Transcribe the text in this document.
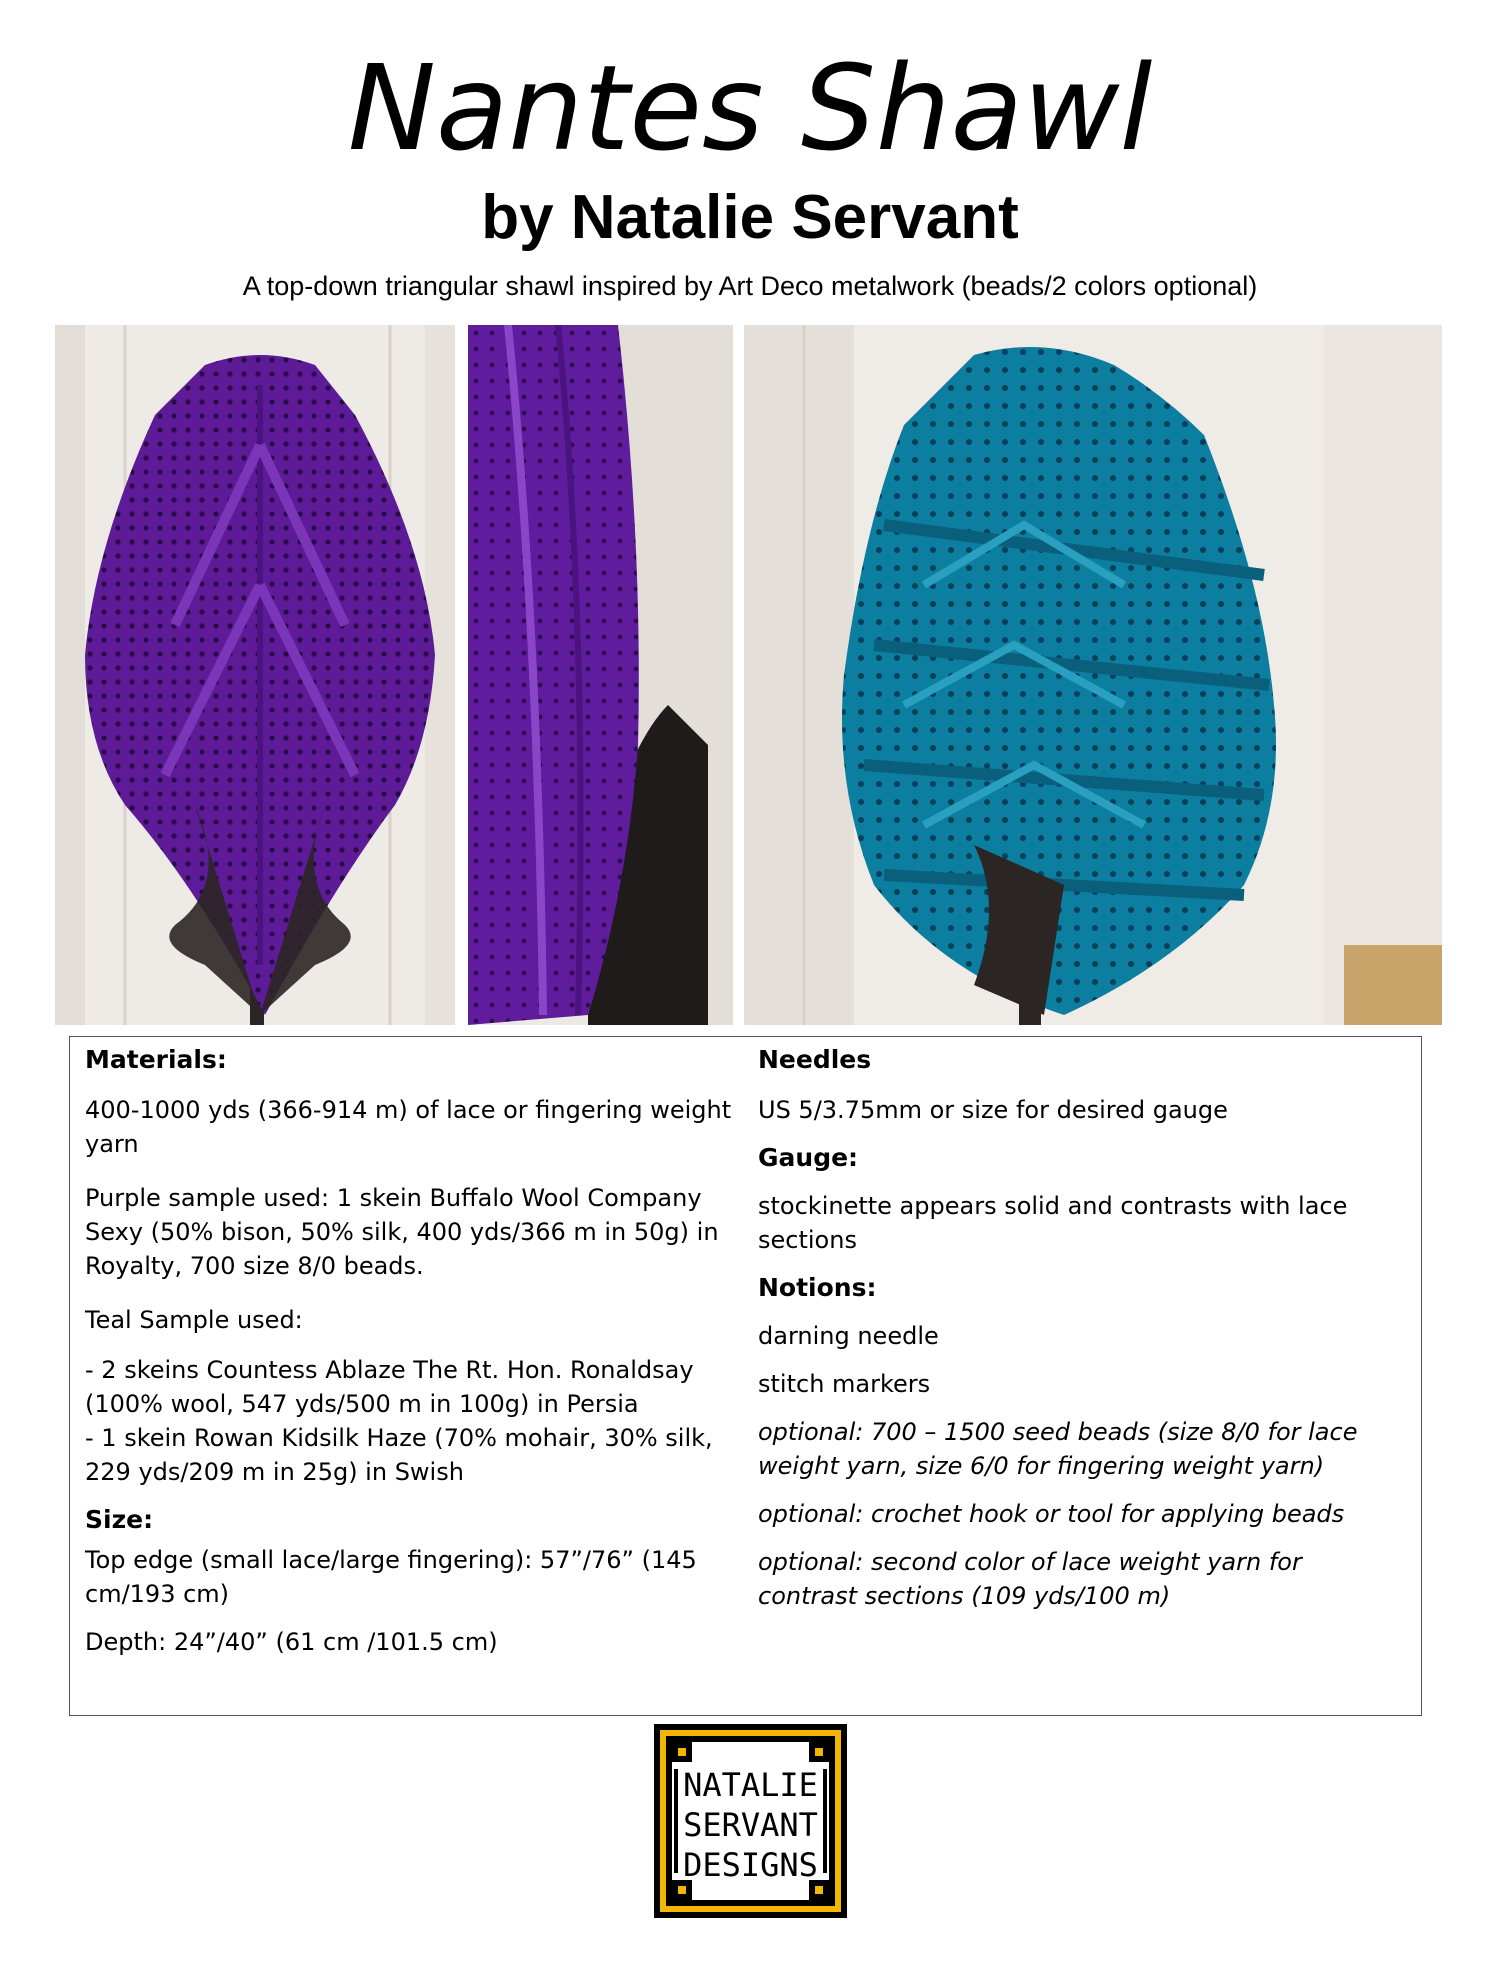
Nantes Shawl
by Natalie Servant
A top-down triangular shawl inspired by Art Deco metalwork (beads/2 colors optional)
Materials:

400-1000 yds (366-914 m) of lace or fingering weight yarn

Purple sample used: 1 skein Buffalo Wool Company Sexy (50% bison, 50% silk, 400 yds/366 m in 50g) in Royalty, 700 size 8/0 beads.

Teal Sample used:

- 2 skeins Countess Ablaze The Rt. Hon. Ronaldsay (100% wool, 547 yds/500 m in 100g) in Persia

- 1 skein Rowan Kidsilk Haze (70% mohair, 30% silk, 229 yds/209 m in 25g) in Swish

Size:

Top edge (small lace/large fingering): 57”/76” (145 cm/193 cm)

Depth: 24”/40” (61 cm /101.5 cm)

Needles

US 5/3.75mm or size for desired gauge

Gauge:

stockinette appears solid and contrasts with lace sections

Notions:

darning needle

stitch markers

optional: 700 – 1500 seed beads (size 8/0 for lace weight yarn, size 6/0 for fingering weight yarn)

optional: crochet hook or tool for applying beads

optional: second color of lace weight yarn for contrast sections (109 yds/100 m)

NATALIE
SERVANT
DESIGNS
